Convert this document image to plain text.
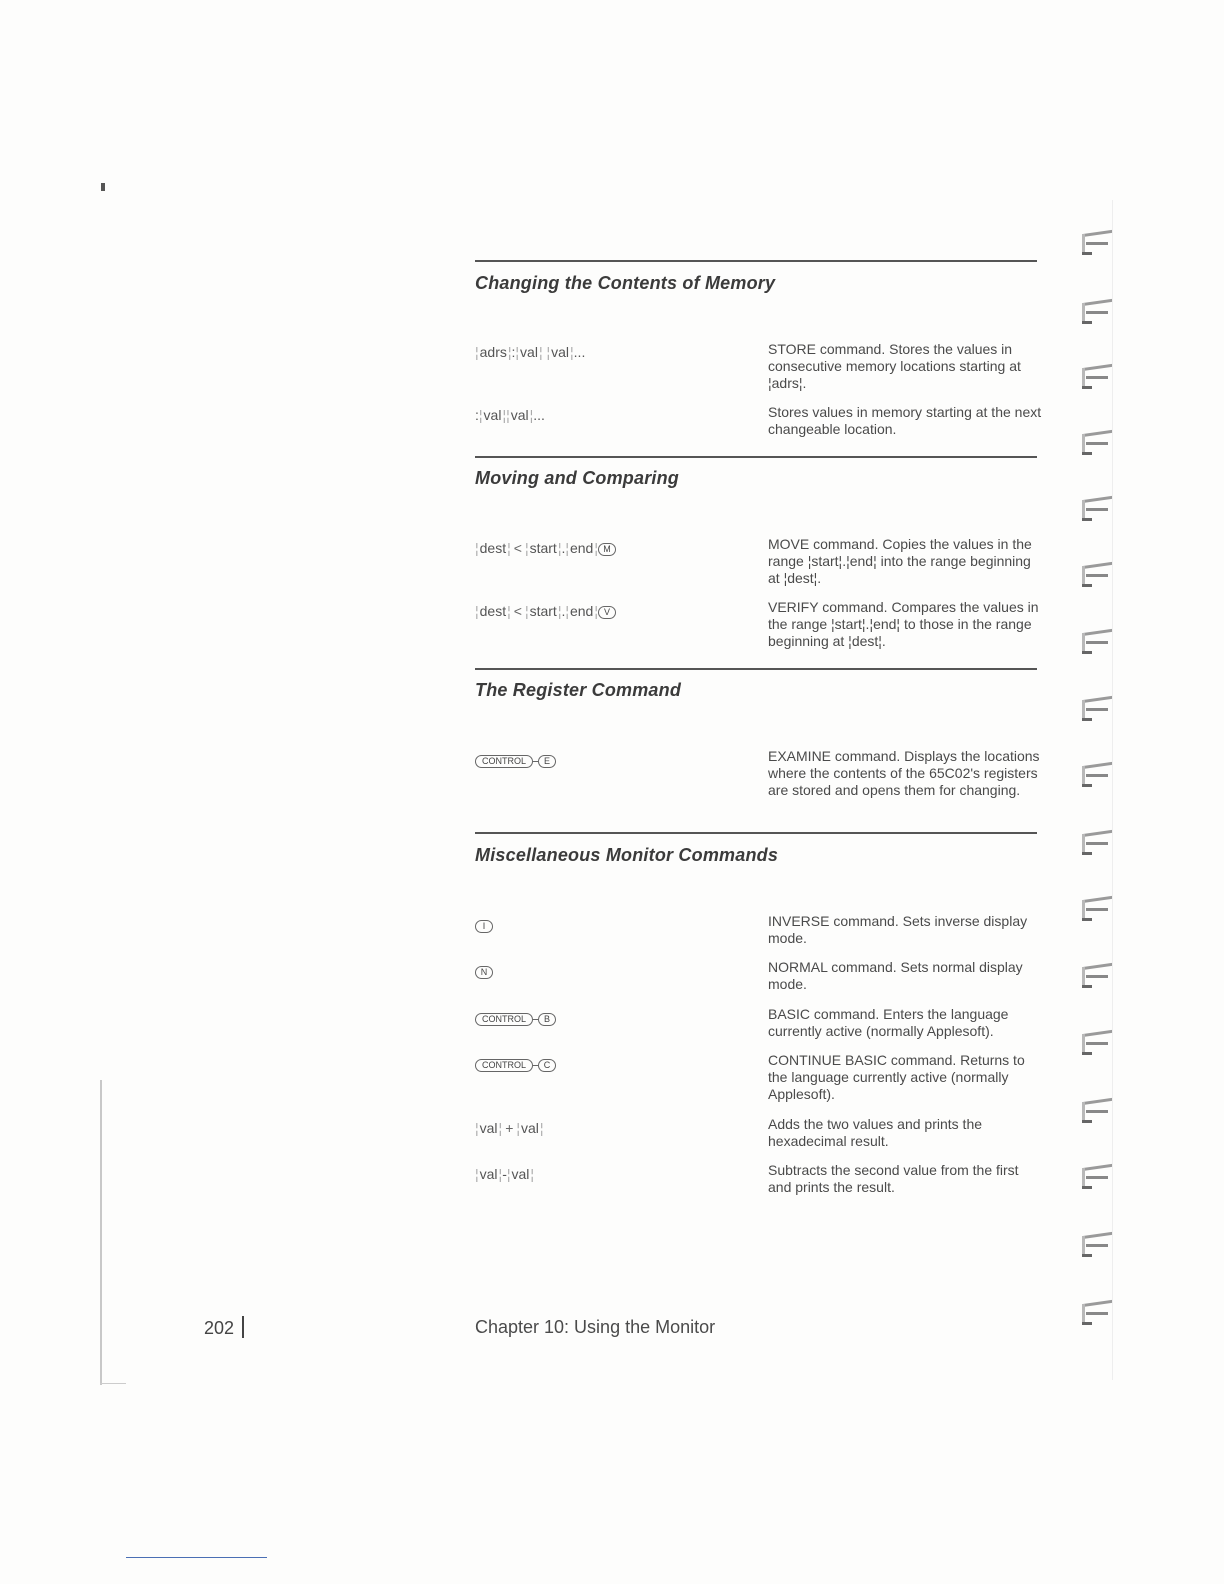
Changing the Contents of Memory
¦ adrs ¦ : ¦ val ¦ ¦ val ¦ ...	STORE command. Stores the values in consecutive memory locations starting at ¦adrs¦.
: ¦ val ¦ ¦ val ¦ ...	Stores values in memory starting at the next changeable location.
Moving and Comparing
¦ dest ¦ < ¦ start ¦ . ¦ end ¦ M	MOVE command. Copies the values in the range ¦start¦.¦end¦ into the range beginning at ¦dest¦.
¦ dest ¦ < ¦ start ¦ . ¦ end ¦ V	VERIFY command. Compares the values in the range ¦start¦.¦end¦ to those in the range beginning at ¦dest¦.
The Register Command
CONTROL E	EXAMINE command. Displays the locations where the contents of the 65C02's registers are stored and opens them for changing.
Miscellaneous Monitor Commands
I	INVERSE command. Sets inverse display mode.
N	NORMAL command. Sets normal display mode.
CONTROL B	BASIC command. Enters the language currently active (normally Applesoft).
CONTROL C	CONTINUE BASIC command. Returns to the language currently active (normally Applesoft).
¦ val ¦ + ¦ val ¦	Adds the two values and prints the hexadecimal result.
¦ val ¦ - ¦ val ¦	Subtracts the second value from the first and prints the result.
202	Chapter 10: Using the Monitor
